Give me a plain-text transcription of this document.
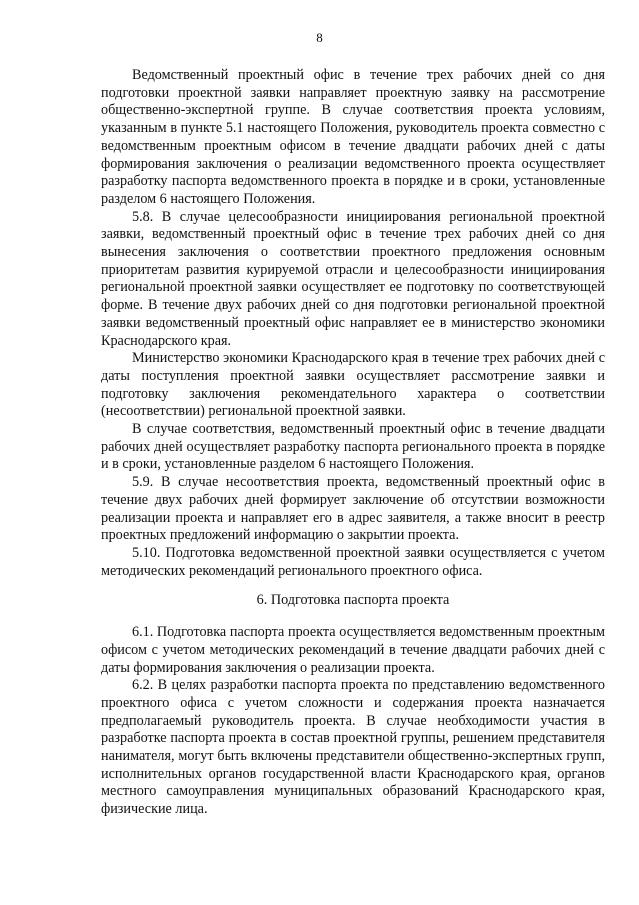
8

Ведомственный проектный офис в течение трех рабочих дней со дня подготовки проектной заявки направляет проектную заявку на рассмотрение общественно-экспертной группе. В случае соответствия проекта условиям, указанным в пункте 5.1 настоящего Положения, руководитель проекта совместно с ведомственным проектным офисом в течение двадцати рабочих дней с даты формирования заключения о реализации ведомственного проекта осуществляет разработку паспорта ведомственного проекта в порядке и в сроки, установленные разделом 6 настоящего Положения.

5.8. В случае целесообразности инициирования региональной проектной заявки, ведомственный проектный офис в течение трех рабочих дней со дня вынесения заключения о соответствии проектного предложения основным приоритетам развития курируемой отрасли и целесообразности инициирования региональной проектной заявки осуществляет ее подготовку по соответствующей форме. В течение двух рабочих дней со дня подготовки региональной проектной заявки ведомственный проектный офис направляет ее в министерство экономики Краснодарского края.

Министерство экономики Краснодарского края в течение трех рабочих дней с даты поступления проектной заявки осуществляет рассмотрение заявки и подготовку заключения рекомендательного характера о соответствии (несоответствии) региональной проектной заявки.

В случае соответствия, ведомственный проектный офис в течение двадцати рабочих дней осуществляет разработку паспорта регионального проекта в порядке и в сроки, установленные разделом 6 настоящего Положения.

5.9. В случае несоответствия проекта, ведомственный проектный офис в течение двух рабочих дней формирует заключение об отсутствии возможности реализации проекта и направляет его в адрес заявителя, а также вносит в реестр проектных предложений информацию о закрытии проекта.

5.10. Подготовка ведомственной проектной заявки осуществляется с учетом методических рекомендаций регионального проектного офиса.

6. Подготовка паспорта проекта

6.1. Подготовка паспорта проекта осуществляется ведомственным проектным офисом с учетом методических рекомендаций в течение двадцати рабочих дней с даты формирования заключения о реализации проекта.

6.2. В целях разработки паспорта проекта по представлению ведомственного проектного офиса с учетом сложности и содержания проекта назначается предполагаемый руководитель проекта. В случае необходимости участия в разработке паспорта проекта в состав проектной группы, решением представителя нанимателя, могут быть включены представители общественно-экспертных групп, исполнительных органов государственной власти Краснодарского края, органов местного самоуправления муниципальных образований Краснодарского края, физические лица.
